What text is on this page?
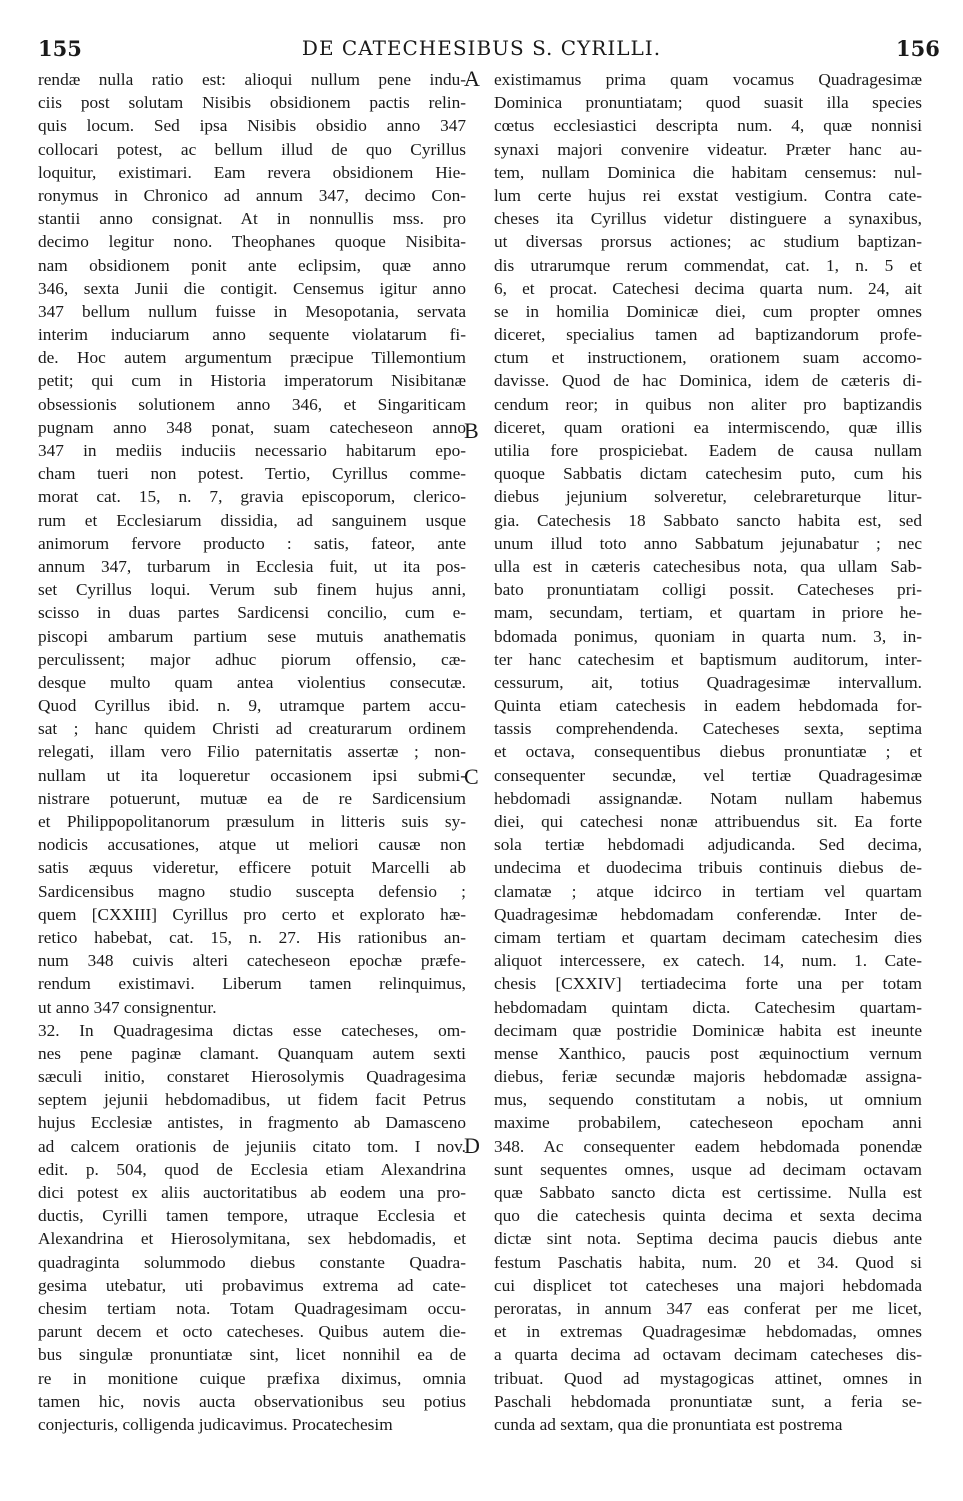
155	DE CATECHESIBUS S. CYRILLI.	156
rendæ nulla ratio est: alioqui nullum pene indu-
ciis post solutam Nisibis obsidionem pactis relin-
quis locum. Sed ipsa Nisibis obsidio anno 347
collocari potest, ac bellum illud de quo Cyrillus
loquitur, existimari. Eam revera obsidionem Hie-
ronymus in Chronico ad annum 347, decimo Con-
stantii anno consignat. At in nonnullis mss. pro
decimo legitur nono. Theophanes quoque Nisibita-
nam obsidionem ponit ante eclipsim, quæ anno
346, sexta Junii die contigit. Censemus igitur anno
347 bellum nullum fuisse in Mesopotania, servata
interim induciarum anno sequente violatarum fi-
de. Hoc autem argumentum præcipue Tillemontium
petit; qui cum in Historia imperatorum Nisibitanæ
obsessionis solutionem anno 346, et Singariticam
pugnam anno 348 ponat, suam catecheseon anno
347 in mediis induciis necessario habitarum epo-
cham tueri non potest. Tertio, Cyrillus comme-
morat cat. 15, n. 7, gravia episcoporum, clerico-
rum et Ecclesiarum dissidia, ad sanguinem usque
animorum fervore producto : satis, fateor, ante
annum 347, turbarum in Ecclesia fuit, ut ita pos-
set Cyrillus loqui. Verum sub finem hujus anni,
scisso in duas partes Sardicensi concilio, cum e-
piscopi ambarum partium sese mutuis anathematis
perculissent; major adhuc piorum offensio, cæ-
desque multo quam antea violentius consecutæ.
Quod Cyrillus ibid. n. 9, utramque partem accu-
sat ; hanc quidem Christi ad creaturarum ordinem
relegati, illam vero Filio paternitatis assertæ ; non-
nullam ut ita loqueretur occasionem ipsi submi-
nistrare potuerunt, mutuæ ea de re Sardicensium
et Philippopolitanorum præsulum in litteris suis sy-
nodicis accusationes, atque ut meliori causæ non
satis æquus videretur, efficere potuit Marcelli ab
Sardicensibus magno studio suscepta defensio ;
quem [CXXIII] Cyrillus pro certo et explorato hæ-
retico habebat, cat. 15, n. 27. His rationibus an-
num 348 cuivis alteri catecheseon epochæ præfe-
rendum existimavi. Liberum tamen relinquimus,
ut anno 347 consignentur.
32. In Quadragesima dictas esse catecheses, om-
nes pene paginæ clamant. Quanquam autem sexti
sæculi initio, constaret Hierosolymis Quadragesima
septem jejunii hebdomadibus, ut fidem facit Petrus
hujus Ecclesiæ antistes, in fragmento ab Damasceno
ad calcem orationis de jejuniis citato tom. I nov.
edit. p. 504, quod de Ecclesia etiam Alexandrina
dici potest ex aliis auctoritatibus ab eodem una pro-
ductis, Cyrilli tamen tempore, utraque Ecclesia et
Alexandrina et Hierosolymitana, sex hebdomadis, et
quadraginta solummodo diebus constante Quadra-
gesima utebatur, uti probavimus extrema ad cate-
chesim tertiam nota. Totam Quadragesimam occu-
parunt decem et octo catecheses. Quibus autem die-
bus singulæ pronuntiatæ sint, licet nonnihil ea de
re in monitione cuique præfixa diximus, omnia
tamen hic, novis aucta observationibus seu potius
conjecturis, colligenda judicavimus. Procatechesim
existimamus prima quam vocamus Quadragesimæ
Dominica pronuntiatam; quod suasit illa species
cœtus ecclesiastici descripta num. 4, quæ nonnisi
synaxi majori convenire videatur. Præter hanc au-
tem, nullam Dominica die habitam censemus: nul-
lum certe hujus rei exstat vestigium. Contra cate-
cheses ita Cyrillus videtur distinguere a synaxibus,
ut diversas prorsus actiones; ac studium baptizan-
dis utrarumque rerum commendat, cat. 1, n. 5 et
6, et procat. Catechesi decima quarta num. 24, ait
se in homilia Dominicæ diei, cum propter omnes
diceret, specialius tamen ad baptizandorum profe-
ctum et instructionem, orationem suam accomo-
davisse. Quod de hac Dominica, idem de cæteris di-
cendum reor; in quibus non aliter pro baptizandis
diceret, quam orationi ea intermiscendo, quæ illis
utilia fore prospiciebat. Eadem de causa nullam
quoque Sabbatis dictam catechesim puto, cum his
diebus jejunium solveretur, celebrareturque litur-
gia. Catechesis 18 Sabbato sancto habita est, sed
unum illud toto anno Sabbatum jejunabatur ; nec
ulla est in cæteris catechesibus nota, qua ullam Sab-
bato pronuntiatam colligi possit. Catecheses pri-
mam, secundam, tertiam, et quartam in priore he-
bdomada ponimus, quoniam in quarta num. 3, in-
ter hanc catechesim et baptismum auditorum, inter-
cessurum, ait, totius Quadragesimæ intervallum.
Quinta etiam catechesis in eadem hebdomada for-
tassis comprehendenda. Catecheses sexta, septima
et octava, consequentibus diebus pronuntiatæ ; et
consequenter secundæ, vel tertiæ Quadragesimæ
hebdomadi assignandæ. Notam nullam habemus
diei, qui catechesi nonæ attribuendus sit. Ea forte
sola tertiæ hebdomadi adjudicanda. Sed decima,
undecima et duodecima tribuis continuis diebus de-
clamatæ ; atque idcirco in tertiam vel quartam
Quadragesimæ hebdomadam conferendæ. Inter de-
cimam tertiam et quartam decimam catechesim dies
aliquot intercessere, ex catech. 14, num. 1. Cate-
chesis [CXXIV] tertiadecima forte una per totam
hebdomadam quintam dicta. Catechesim quartam-
decimam quæ postridie Dominicæ habita est ineunte
mense Xanthico, paucis post æquinoctium vernum
diebus, feriæ secundæ majoris hebdomadæ assigna-
mus, sequendo constitutam a nobis, ut omnium
maxime probabilem, catecheseon epocham anni
348. Ac consequenter eadem hebdomada ponendæ
sunt sequentes omnes, usque ad decimam octavam
quæ Sabbato sancto dicta est certissime. Nulla est
quo die catechesis quinta decima et sexta decima
dictæ sint nota. Septima decima paucis diebus ante
festum Paschatis habita, num. 20 et 34. Quod si
cui displicet tot catecheses una majori hebdomada
peroratas, in annum 347 eas conferat per me licet,
et in extremas Quadragesimæ hebdomadas, omnes
a quarta decima ad octavam decimam catecheses dis-
tribuat. Quod ad mystagogicas attinet, omnes in
Paschali hebdomada pronuntiatæ sunt, a feria se-
cunda ad sextam, qua die pronuntiata est postrema
A
B
C
D
